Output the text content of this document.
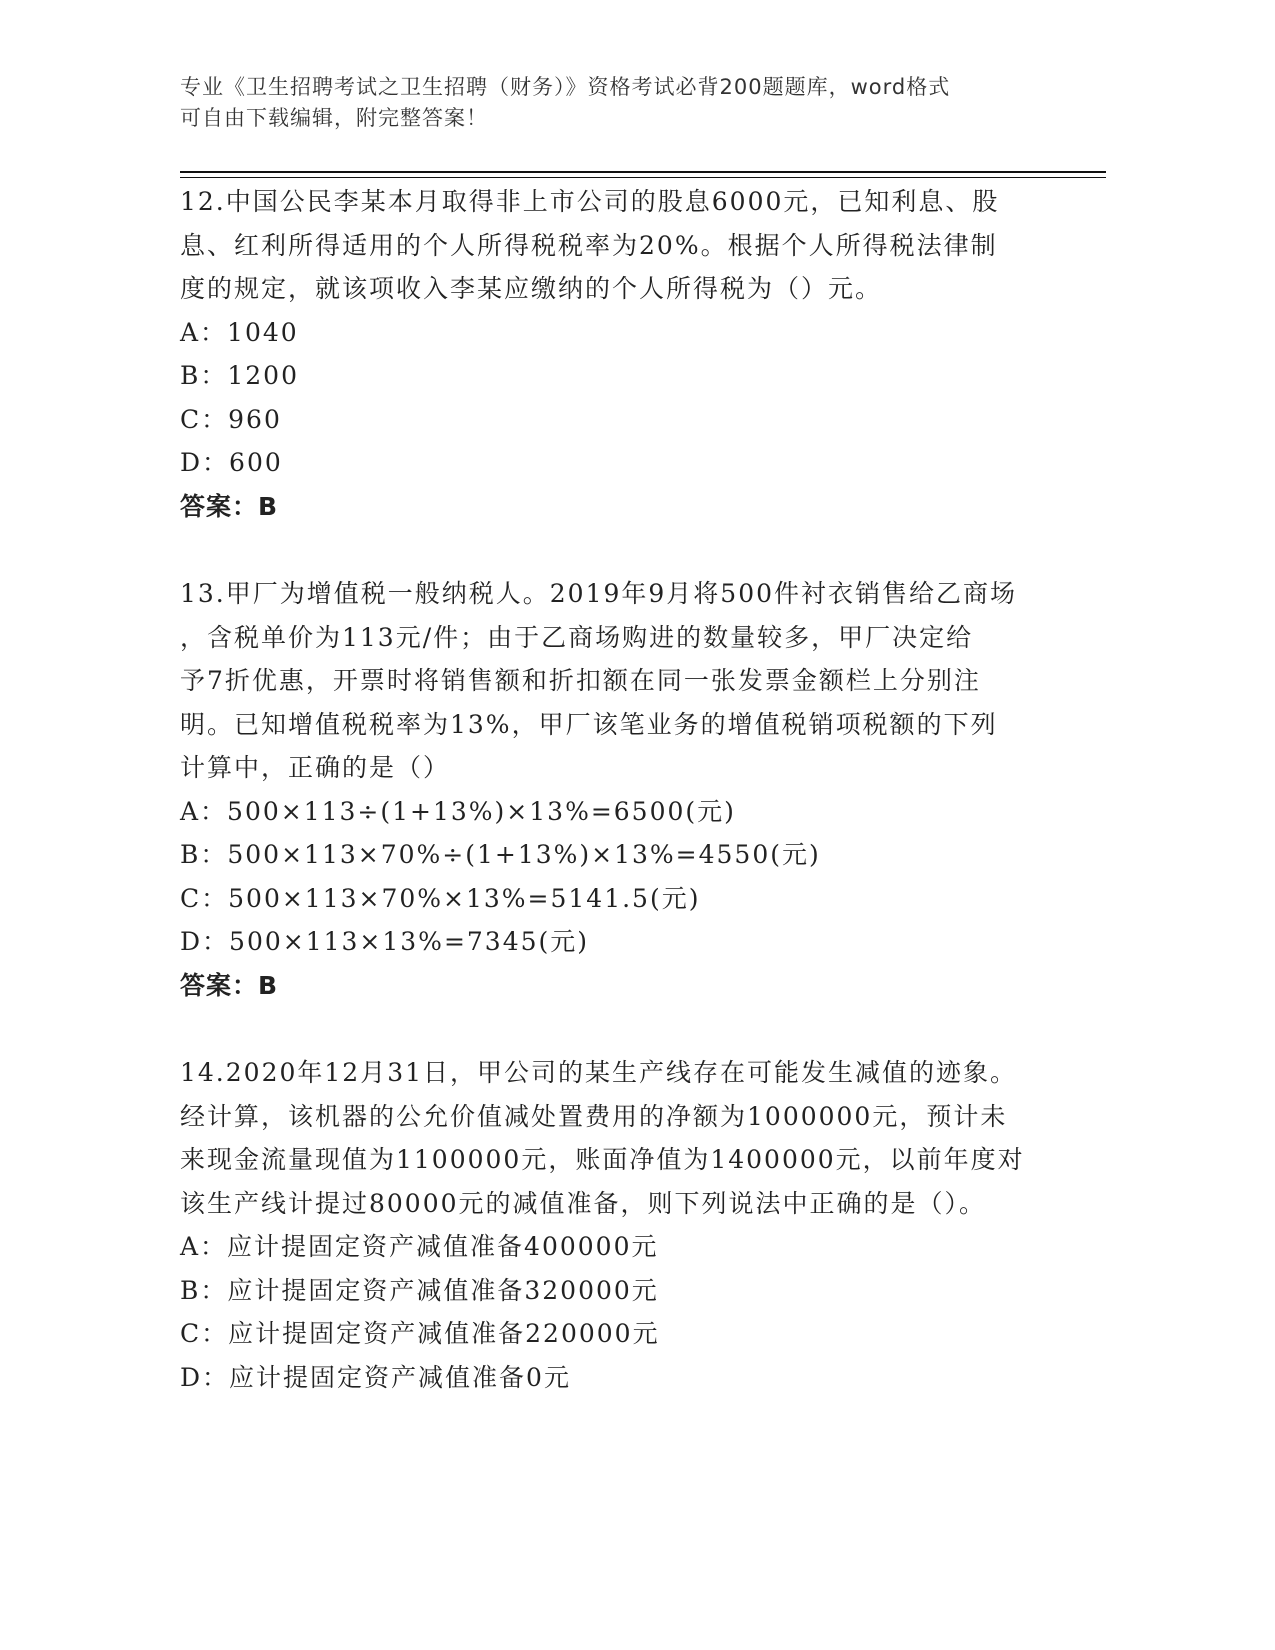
专业《卫生招聘考试之卫生招聘（财务）》资格考试必背200题题库，word格式
可自由下载编辑，附完整答案！
12.中国公民李某本月取得非上市公司的股息6000元，已知利息、股
息、红利所得适用的个人所得税税率为20%。根据个人所得税法律制
度的规定，就该项收入李某应缴纳的个人所得税为（）元。
A：1040
B：1200
C：960
D：600
答案：B
13.甲厂为增值税一般纳税人。2019年9月将500件衬衣销售给乙商场
，含税单价为113元/件；由于乙商场购进的数量较多，甲厂决定给
予7折优惠，开票时将销售额和折扣额在同一张发票金额栏上分别注
明。已知增值税税率为13%，甲厂该笔业务的增值税销项税额的下列
计算中，正确的是（）
A：500×113÷(1+13%)×13%=6500(元)
B：500×113×70%÷(1+13%)×13%=4550(元)
C：500×113×70%×13%=5141.5(元)
D：500×113×13%=7345(元)
答案：B
14.2020年12月31日，甲公司的某生产线存在可能发生减值的迹象。
经计算，该机器的公允价值减处置费用的净额为1000000元，预计未
来现金流量现值为1100000元，账面净值为1400000元，以前年度对
该生产线计提过80000元的减值准备，则下列说法中正确的是（）。
A：应计提固定资产减值准备400000元
B：应计提固定资产减值准备320000元
C：应计提固定资产减值准备220000元
D：应计提固定资产减值准备0元
